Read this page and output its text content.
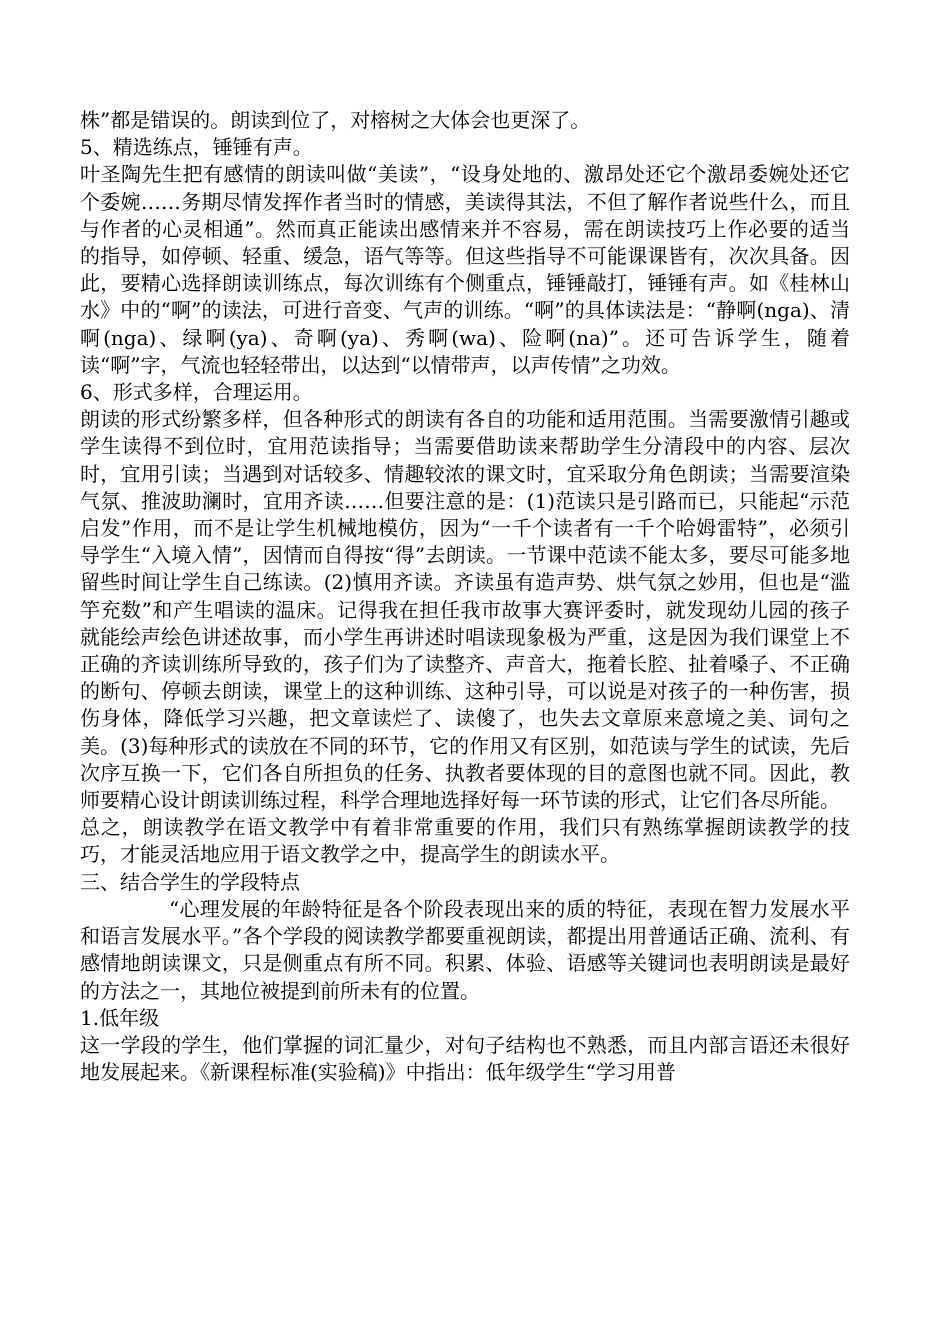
株”都是错误的。朗读到位了，对榕树之大体会也更深了。

5、精选练点，锤锤有声。

叶圣陶先生把有感情的朗读叫做“美读”，“设身处地的、激昂处还它个激昂委婉处还它个委婉……务期尽情发挥作者当时的情感，美读得其法，不但了解作者说些什么，而且与作者的心灵相通”。然而真正能读出感情来并不容易，需在朗读技巧上作必要的适当的指导，如停顿、轻重、缓急，语气等等。但这些指导不可能课课皆有，次次具备。因此，要精心选择朗读训练点，每次训练有个侧重点，锤锤敲打，锤锤有声。如《桂林山水》中的“啊”的读法，可进行音变、气声的训练。“啊”的具体读法是：“静啊(nga)、清啊(nga)、绿啊(ya)、奇啊(ya)、秀啊(wa)、险啊(na)”。还可告诉学生，随着读“啊”字，气流也轻轻带出，以达到“以情带声，以声传情”之功效。

6、形式多样，合理运用。

朗读的形式纷繁多样，但各种形式的朗读有各自的功能和适用范围。当需要激情引趣或学生读得不到位时，宜用范读指导；当需要借助读来帮助学生分清段中的内容、层次时，宜用引读；当遇到对话较多、情趣较浓的课文时，宜采取分角色朗读；当需要渲染气氛、推波助澜时，宜用齐读……但要注意的是：(1)范读只是引路而已，只能起“示范启发”作用，而不是让学生机械地模仿，因为“一千个读者有一千个哈姆雷特”，必须引导学生“入境入情”，因情而自得按“得”去朗读。一节课中范读不能太多，要尽可能多地留些时间让学生自己练读。(2)慎用齐读。齐读虽有造声势、烘气氛之妙用，但也是“滥竽充数”和产生唱读的温床。记得我在担任我市故事大赛评委时，就发现幼儿园的孩子就能绘声绘色讲述故事，而小学生再讲述时唱读现象极为严重，这是因为我们课堂上不正确的齐读训练所导致的，孩子们为了读整齐、声音大，拖着长腔、扯着嗓子、不正确的断句、停顿去朗读，课堂上的这种训练、这种引导，可以说是对孩子的一种伤害，损伤身体，降低学习兴趣，把文章读烂了、读傻了，也失去文章原来意境之美、词句之美。(3)每种形式的读放在不同的环节，它的作用又有区别，如范读与学生的试读，先后次序互换一下，它们各自所担负的任务、执教者要体现的目的意图也就不同。因此，教师要精心设计朗读训练过程，科学合理地选择好每一环节读的形式，让它们各尽所能。

总之，朗读教学在语文教学中有着非常重要的作用，我们只有熟练掌握朗读教学的技巧，才能灵活地应用于语文教学之中，提高学生的朗读水平。

三、结合学生的学段特点

“心理发展的年龄特征是各个阶段表现出来的质的特征，表现在智力发展水平和语言发展水平。”各个学段的阅读教学都要重视朗读，都提出用普通话正确、流利、有感情地朗读课文，只是侧重点有所不同。积累、体验、语感等关键词也表明朗读是最好的方法之一，其地位被提到前所未有的位置。

1.低年级

这一学段的学生，他们掌握的词汇量少，对句子结构也不熟悉，而且内部言语还未很好地发展起来。《新课程标准(实验稿)》中指出：低年级学生“学习用普
